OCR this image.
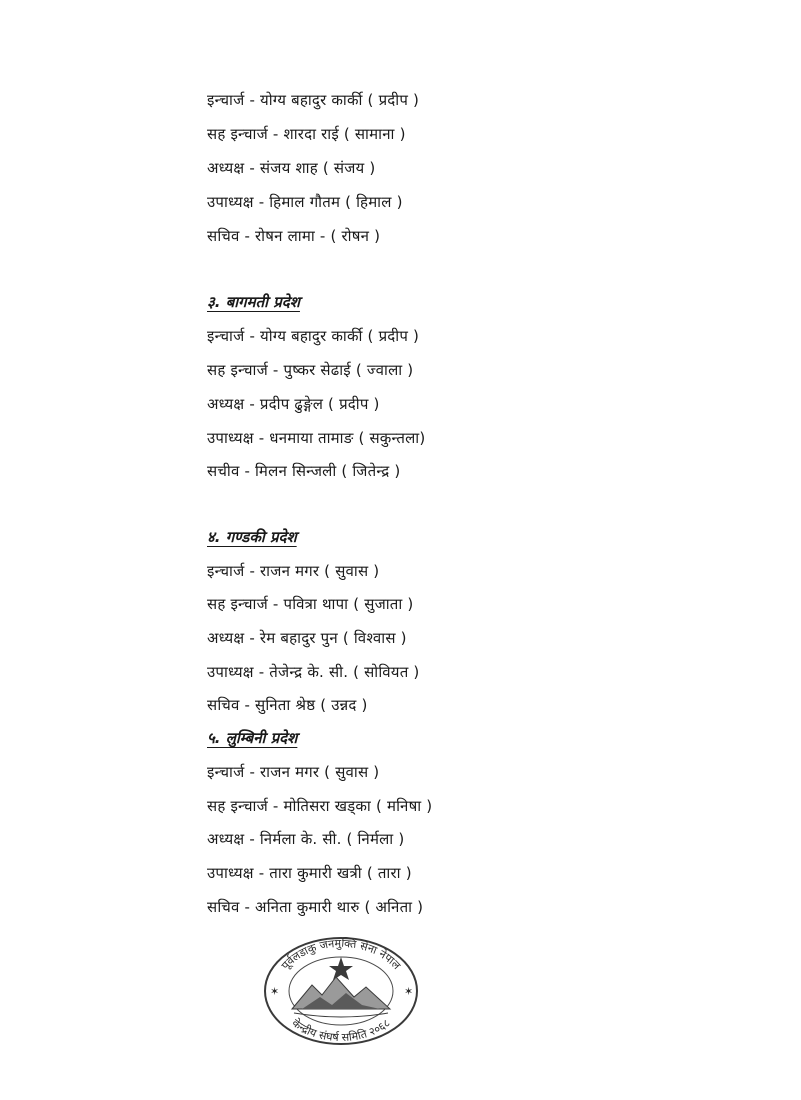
इन्चार्ज - योग्य बहादुर कार्की ( प्रदीप )
सह इन्चार्ज - शारदा राई ( सामाना )
अध्यक्ष - संजय शाह ( संजय )
उपाध्यक्ष - हिमाल गौतम ( हिमाल )
सचिव - रोषन लामा - ( रोषन )
३. बागमती प्रदेश
इन्चार्ज - योग्य बहादुर कार्की ( प्रदीप )
सह इन्चार्ज - पुष्कर सेढाई ( ज्वाला )
अध्यक्ष - प्रदीप ढुङ्गेल ( प्रदीप )
उपाध्यक्ष - धनमाया तामाङ ( सकुन्तला)
सचीव - मिलन सिन्जली ( जितेन्द्र )
४. गण्डकी प्रदेश
इन्चार्ज - राजन मगर ( सुवास )
सह इन्चार्ज - पवित्रा थापा ( सुजाता )
अध्यक्ष - रेम बहादुर पुन ( विश्वास )
उपाध्यक्ष - तेजेन्द्र के. सी. ( सोवियत )
सचिव - सुनिता श्रेष्ठ ( उन्नद )
५. लुम्बिनी प्रदेश
इन्चार्ज - राजन मगर ( सुवास )
सह इन्चार्ज - मोतिसरा खड्का ( मनिषा )
अध्यक्ष - निर्मला के. सी. ( निर्मला )
उपाध्यक्ष - तारा कुमारी खत्री ( तारा )
सचिव - अनिता कुमारी थारु ( अनिता )
✶	✶
पूर्वलडाकु जनमुक्ति सेना नेपाल
केन्द्रीय संघर्ष समिति २०६८
